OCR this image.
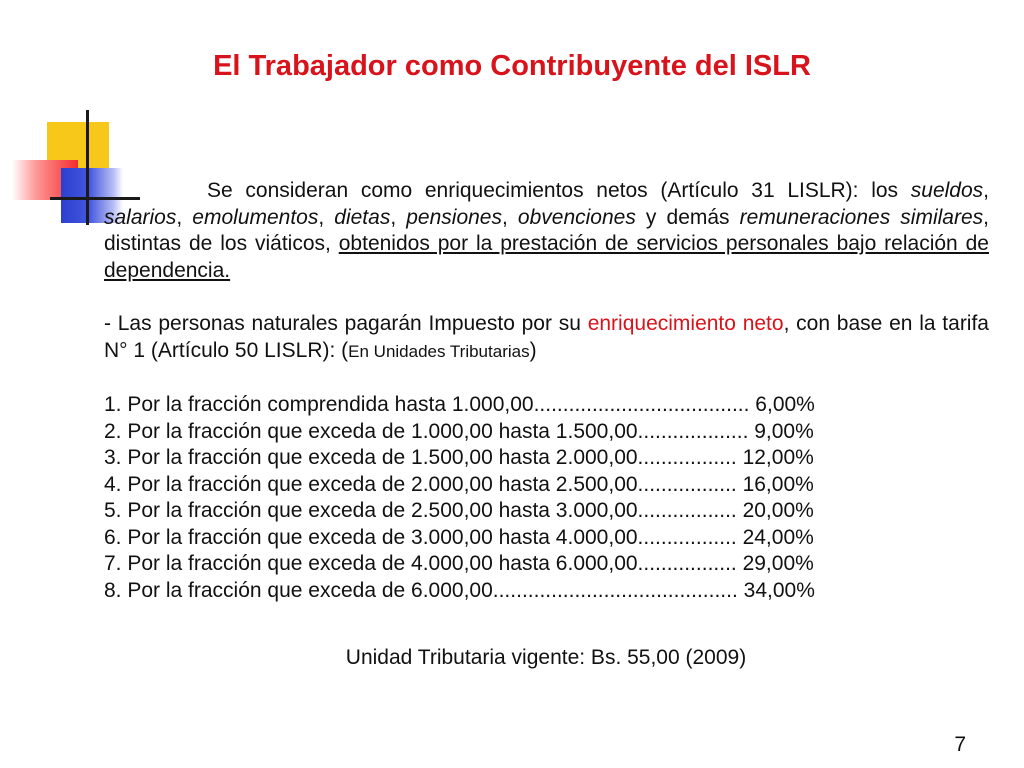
El Trabajador como Contribuyente del ISLR
Se consideran como enriquecimientos netos (Artículo 31 LISLR): los sueldos, salarios, emolumentos, dietas, pensiones, obvenciones y demás remuneraciones similares, distintas de los viáticos, obtenidos por la prestación de servicios personales bajo relación de dependencia.
- Las personas naturales pagarán Impuesto por su enriquecimiento neto, con base en la tarifa N° 1 (Artículo 50 LISLR): (En Unidades Tributarias)
1. Por la fracción comprendida hasta 1.000,00..................................... 6,00%
2. Por la fracción que exceda de 1.000,00 hasta 1.500,00................... 9,00%
3. Por la fracción que exceda de 1.500,00 hasta 2.000,00................. 12,00%
4. Por la fracción que exceda de 2.000,00 hasta 2.500,00................. 16,00%
5. Por la fracción que exceda de 2.500,00 hasta 3.000,00................. 20,00%
6. Por la fracción que exceda de 3.000,00 hasta 4.000,00................. 24,00%
7. Por la fracción que exceda de 4.000,00 hasta 6.000,00................. 29,00%
8. Por la fracción que exceda de 6.000,00.......................................... 34,00%
Unidad Tributaria vigente: Bs. 55,00 (2009)
7
